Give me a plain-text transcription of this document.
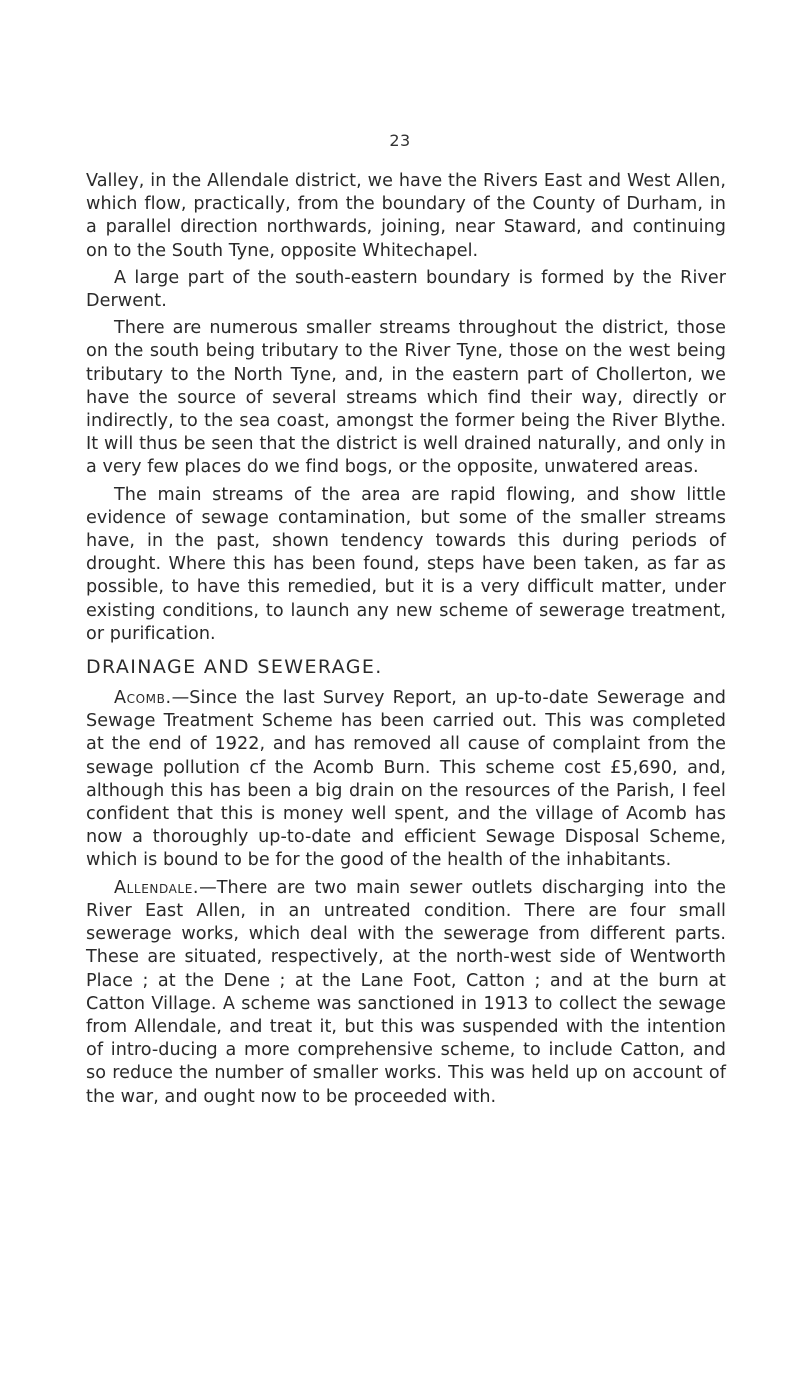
23

Valley, in the Allendale district, we have the Rivers East and West Allen, which flow, practically, from the boundary of the County of Durham, in a parallel direction northwards, joining, near Staward, and continuing on to the South Tyne, opposite Whitechapel.

A large part of the south-eastern boundary is formed by the River Derwent.

There are numerous smaller streams throughout the district, those on the south being tributary to the River Tyne, those on the west being tributary to the North Tyne, and, in the eastern part of Chollerton, we have the source of several streams which find their way, directly or indirectly, to the sea coast, amongst the former being the River Blythe. It will thus be seen that the district is well drained naturally, and only in a very few places do we find bogs, or the opposite, unwatered areas.

The main streams of the area are rapid flowing, and show little evidence of sewage contamination, but some of the smaller streams have, in the past, shown tendency towards this during periods of drought. Where this has been found, steps have been taken, as far as possible, to have this remedied, but it is a very difficult matter, under existing conditions, to launch any new scheme of sewerage treatment, or purification.

DRAINAGE AND SEWERAGE.

Acomb.—Since the last Survey Report, an up-to-date Sewerage and Sewage Treatment Scheme has been carried out. This was completed at the end of 1922, and has removed all cause of complaint from the sewage pollution cf the Acomb Burn. This scheme cost £5,690, and, although this has been a big drain on the resources of the Parish, I feel confident that this is money well spent, and the village of Acomb has now a thoroughly up-to-date and efficient Sewage Disposal Scheme, which is bound to be for the good of the health of the inhabitants.

Allendale.—There are two main sewer outlets discharging into the River East Allen, in an untreated condition. There are four small sewerage works, which deal with the sewerage from different parts. These are situated, respectively, at the north-west side of Wentworth Place ; at the Dene ; at the Lane Foot, Catton ; and at the burn at Catton Village. A scheme was sanctioned in 1913 to collect the sewage from Allendale, and treat it, but this was suspended with the intention of intro-ducing a more comprehensive scheme, to include Catton, and so reduce the number of smaller works. This was held up on account of the war, and ought now to be proceeded with.
